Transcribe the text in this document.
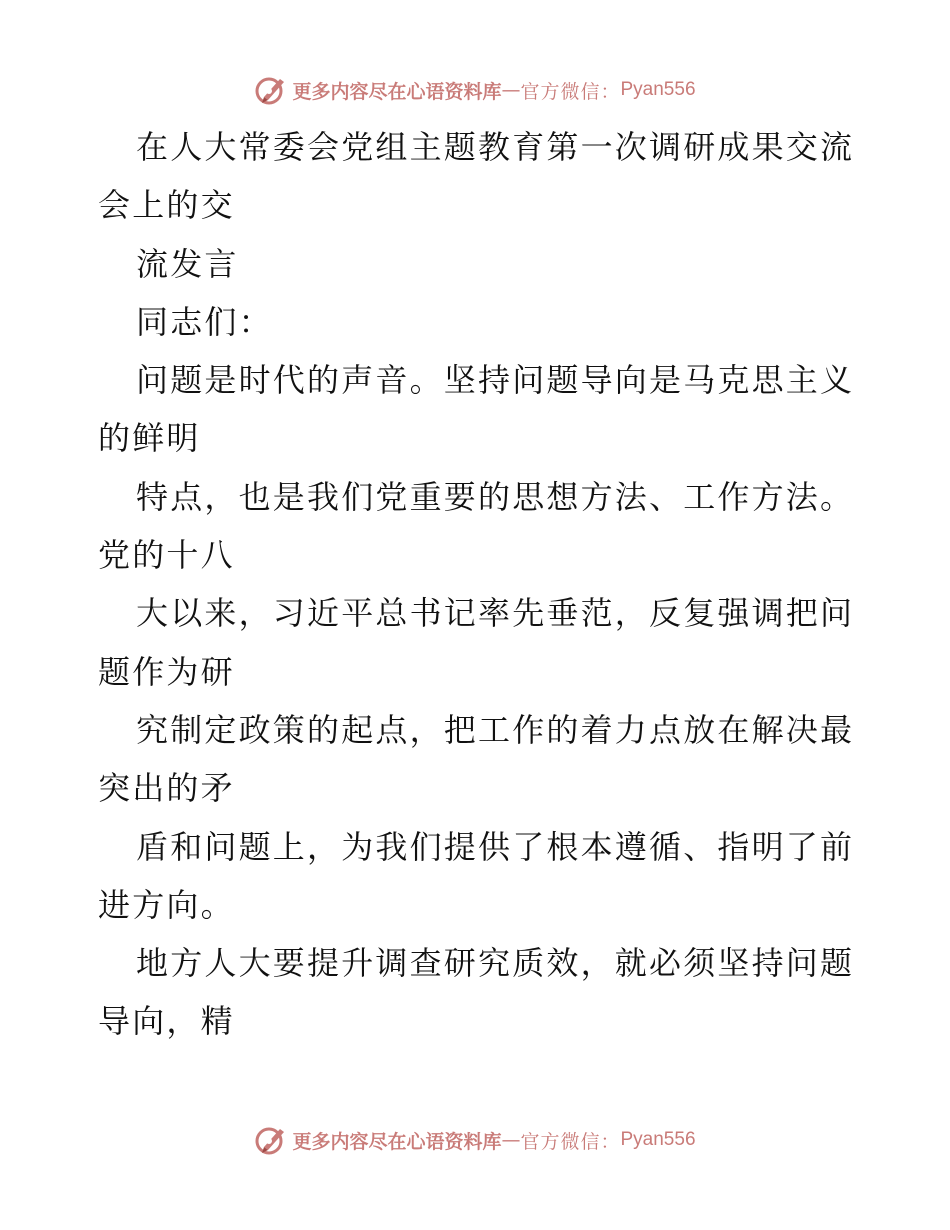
更多内容尽在心语资料库 — 官方微信： Pyan556
在人大常委会党组主题教育第一次调研成果交流
会上的交
流发言
同志们：
问题是时代的声音。坚持问题导向是马克思主义
的鲜明
特点，也是我们党重要的思想方法、工作方法。
党的十八
大以来，习近平总书记率先垂范，反复强调把问
题作为研
究制定政策的起点，把工作的着力点放在解决最
突出的矛
盾和问题上，为我们提供了根本遵循、指明了前
进方向。
地方人大要提升调查研究质效，就必须坚持问题
导向，精
更多内容尽在心语资料库 — 官方微信： Pyan556
